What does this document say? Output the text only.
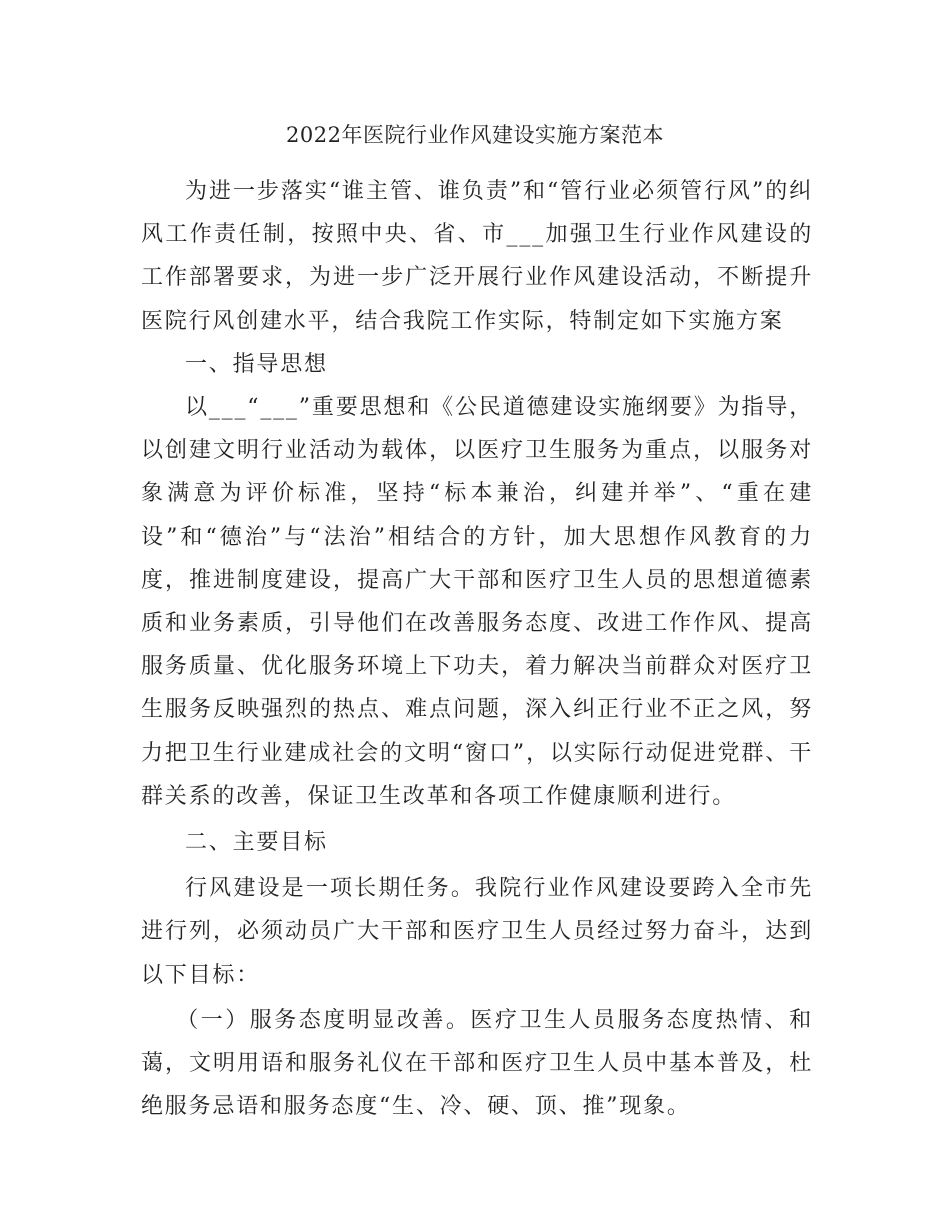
2022年医院行业作风建设实施方案范本

为进一步落实“谁主管、谁负责”和“管行业必须管行风”的纠风工作责任制，按照中央、省、市___加强卫生行业作风建设的工作部署要求，为进一步广泛开展行业作风建设活动，不断提升医院行风创建水平，结合我院工作实际，特制定如下实施方案

一、指导思想

以___“___”重要思想和《公民道德建设实施纲要》为指导，以创建文明行业活动为载体，以医疗卫生服务为重点，以服务对象满意为评价标准，坚持“标本兼治，纠建并举”、“重在建设”和“德治”与“法治”相结合的方针，加大思想作风教育的力度，推进制度建设，提高广大干部和医疗卫生人员的思想道德素质和业务素质，引导他们在改善服务态度、改进工作作风、提高服务质量、优化服务环境上下功夫，着力解决当前群众对医疗卫生服务反映强烈的热点、难点问题，深入纠正行业不正之风，努力把卫生行业建成社会的文明“窗口”，以实际行动促进党群、干群关系的改善，保证卫生改革和各项工作健康顺利进行。

二、主要目标

行风建设是一项长期任务。我院行业作风建设要跨入全市先进行列，必须动员广大干部和医疗卫生人员经过努力奋斗，达到以下目标：

（一）服务态度明显改善。医疗卫生人员服务态度热情、和蔼，文明用语和服务礼仪在干部和医疗卫生人员中基本普及，杜绝服务忌语和服务态度“生、冷、硬、顶、推”现象。
